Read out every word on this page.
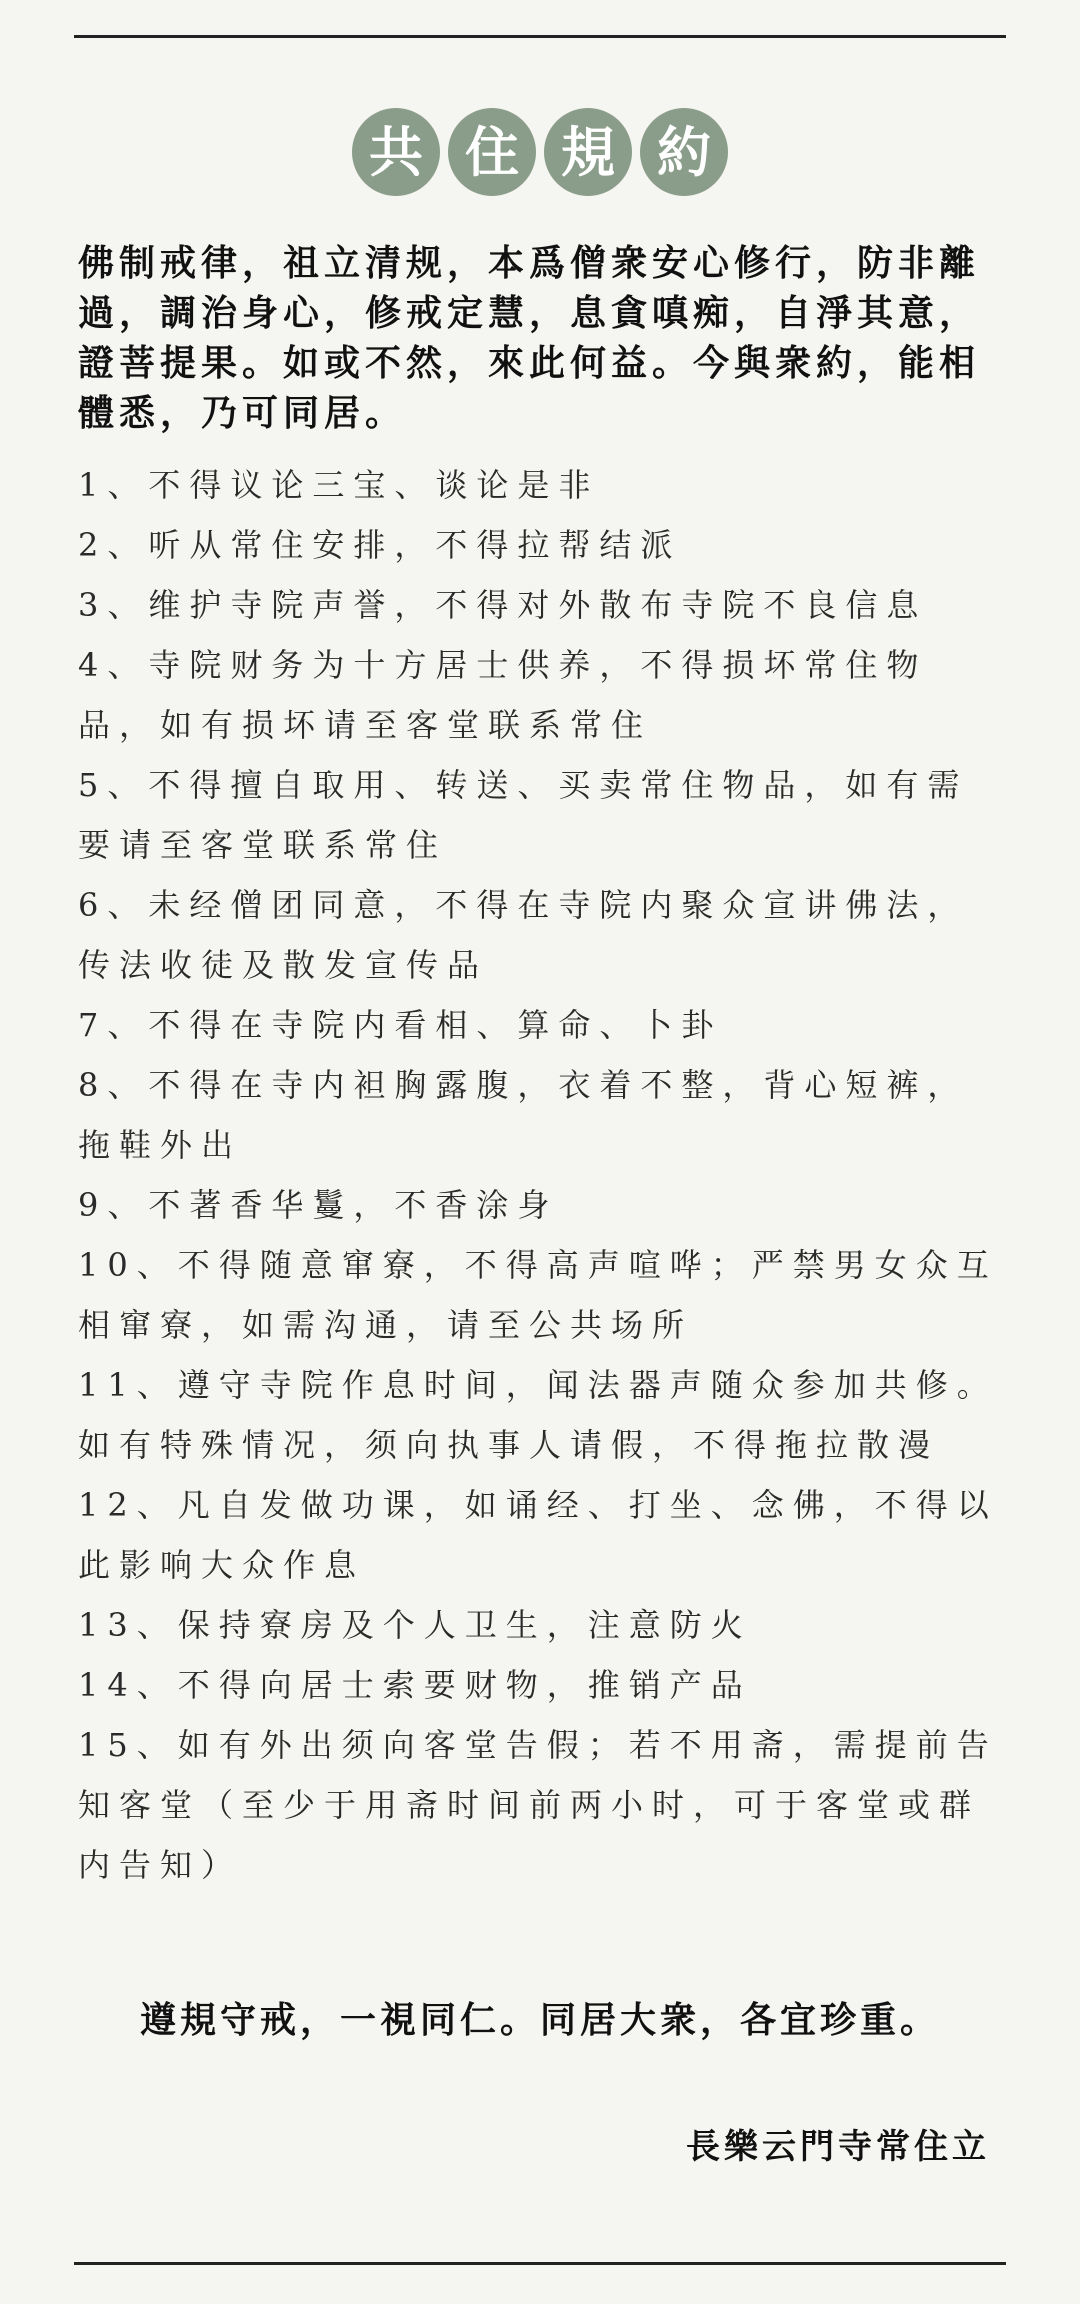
共 住 規 約
佛制戒律，祖立清规，本爲僧衆安心修行，防非離過，調治身心，修戒定慧，息貪嗔痴，自淨其意，證菩提果。如或不然，來此何益。今與衆約，能相體悉，乃可同居。
1、不得议论三宝、谈论是非
2、听从常住安排，不得拉帮结派
3、维护寺院声誉，不得对外散布寺院不良信息
4、寺院财务为十方居士供养，不得损坏常住物品，如有损坏请至客堂联系常住
5、不得擅自取用、转送、买卖常住物品，如有需要请至客堂联系常住
6、未经僧团同意，不得在寺院内聚众宣讲佛法，传法收徒及散发宣传品
7、不得在寺院内看相、算命、卜卦
8、不得在寺内袒胸露腹，衣着不整，背心短裤，拖鞋外出
9、不著香华鬘，不香涂身
10、不得随意窜寮，不得高声喧哗；严禁男女众互相窜寮，如需沟通，请至公共场所
11、遵守寺院作息时间，闻法器声随众参加共修。如有特殊情况，须向执事人请假，不得拖拉散漫
12、凡自发做功课，如诵经、打坐、念佛，不得以此影响大众作息
13、保持寮房及个人卫生，注意防火
14、不得向居士索要财物，推销产品
15、如有外出须向客堂告假；若不用斋，需提前告知客堂（至少于用斋时间前两小时，可于客堂或群内告知）
遵規守戒，一視同仁。同居大衆，各宜珍重。
長樂云門寺常住立
